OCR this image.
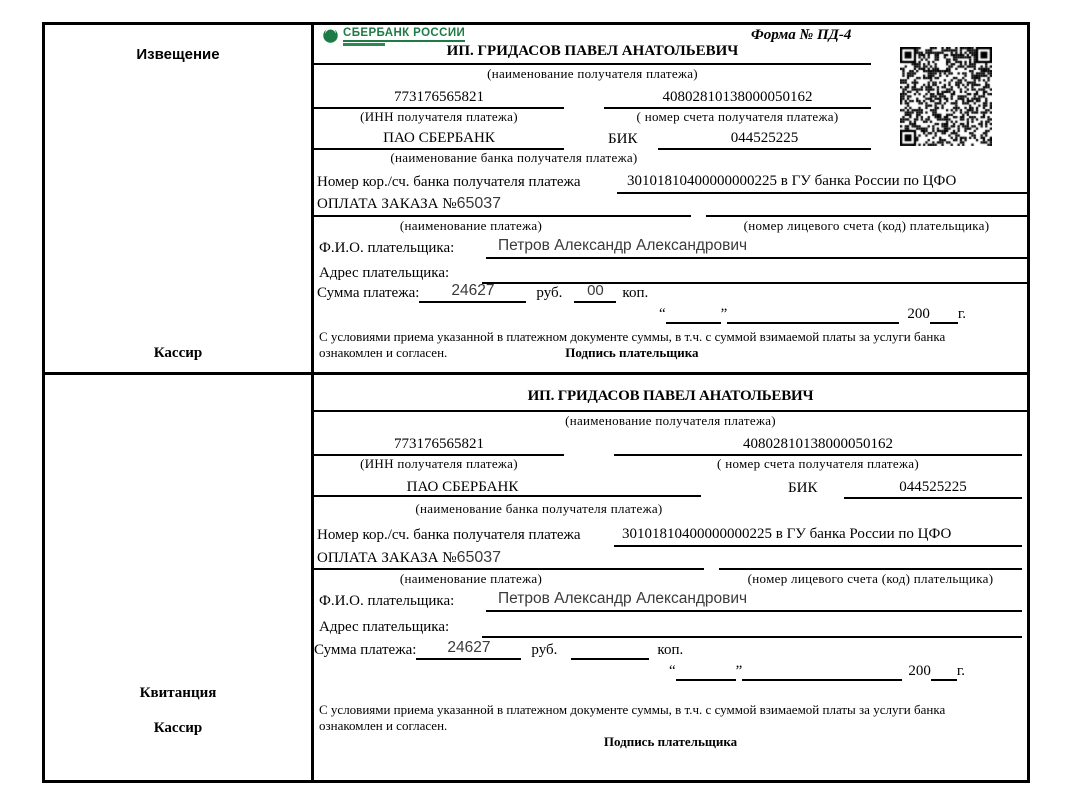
Извещение
Кассир
СБЕРБАНК РОССИИ	Форма № ПД-4
ИП. ГРИДАСОВ ПАВЕЛ АНАТОЛЬЕВИЧ
(наименование получателя платежа)
773176565821	40802810138000050162
(ИНН получателя платежа)	( номер счета получателя платежа)
ПАО СБЕРБАНК	БИК	044525225
(наименование банка получателя платежа)
Номер кор./сч. банка получателя платежа	30101810400000000225 в ГУ банка России по ЦФО
ОПЛАТА ЗАКАЗА №65037
(наименование платежа)	(номер лицевого счета (код) плательщика)
Ф.И.О. плательщика:	Петров Александр Александрович
Адрес плательщика:
Сумма платежа:	24627	руб.	00	коп.
“	”	200 г.
С условиями приема указанной в платежном документе суммы, в т.ч. с суммой взимаемой платы за услуги банка
ознакомлен и согласен.	Подпись плательщика
Квитанция
Кассир
ИП. ГРИДАСОВ ПАВЕЛ АНАТОЛЬЕВИЧ
(наименование получателя платежа)
773176565821	40802810138000050162
(ИНН получателя платежа)	( номер счета получателя платежа)
ПАО СБЕРБАНК	БИК	044525225
(наименование банка получателя платежа)
Номер кор./сч. банка получателя платежа	30101810400000000225 в ГУ банка России по ЦФО
ОПЛАТА ЗАКАЗА №65037
(наименование платежа)	(номер лицевого счета (код) плательщика)
Ф.И.О. плательщика:	Петров Александр Александрович
Адрес плательщика:
Сумма платежа:	24627	руб.	коп.
“	”	200 г.
С условиями приема указанной в платежном документе суммы, в т.ч. с суммой взимаемой платы за услуги банка
ознакомлен и согласен.
Подпись плательщика
